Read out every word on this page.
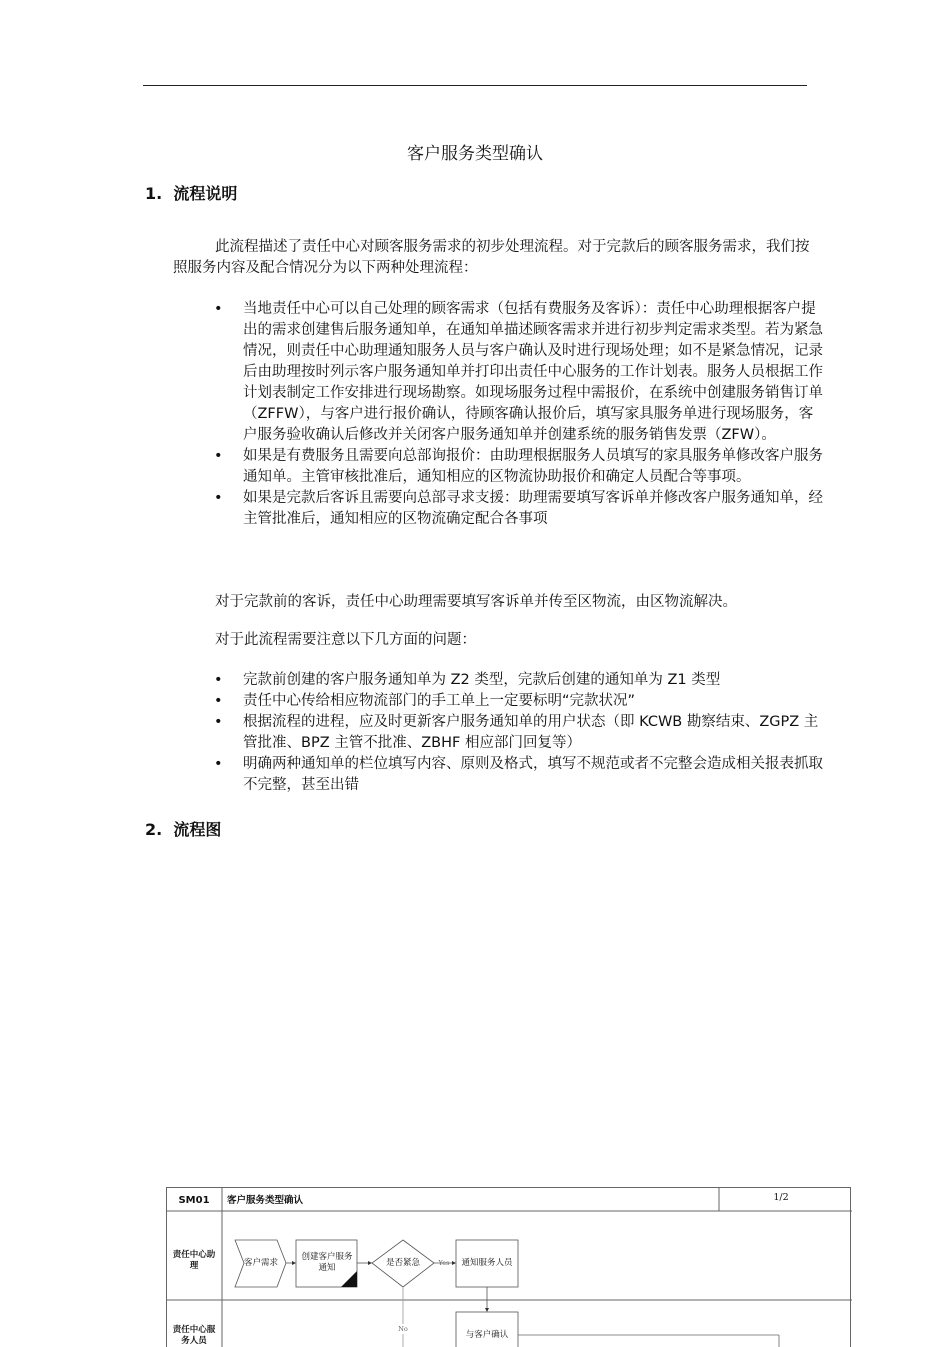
客户服务类型确认
1. 流程说明
此流程描述了责任中心对顾客服务需求的初步处理流程。对于完款后的顾客服务需求，我们按照服务内容及配合情况分为以下两种处理流程：
• 当地责任中心可以自己处理的顾客需求（包括有费服务及客诉）：责任中心助理根据客户提出的需求创建售后服务通知单，在通知单描述顾客需求并进行初步判定需求类型。若为紧急情况，则责任中心助理通知服务人员与客户确认及时进行现场处理；如不是紧急情况，记录后由助理按时列示客户服务通知单并打印出责任中心服务的工作计划表。服务人员根据工作计划表制定工作安排进行现场勘察。如现场服务过程中需报价，在系统中创建服务销售订单（ZFFW），与客户进行报价确认，待顾客确认报价后，填写家具服务单进行现场服务，客户服务验收确认后修改并关闭客户服务通知单并创建系统的服务销售发票（ZFW）。
• 如果是有费服务且需要向总部询报价：由助理根据服务人员填写的家具服务单修改客户服务通知单。主管审核批准后，通知相应的区物流协助报价和确定人员配合等事项。
• 如果是完款后客诉且需要向总部寻求支援：助理需要填写客诉单并修改客户服务通知单，经主管批准后，通知相应的区物流确定配合各事项
对于完款前的客诉，责任中心助理需要填写客诉单并传至区物流，由区物流解决。
对于此流程需要注意以下几方面的问题：
• 完款前创建的客户服务通知单为 Z2 类型，完款后创建的通知单为 Z1 类型
• 责任中心传给相应物流部门的手工单上一定要标明“完款状况”
• 根据流程的进程，应及时更新客户服务通知单的用户状态（即 KCWB 勘察结束、ZGPZ 主管批准、BPZ 主管不批准、ZBHF 相应部门回复等）
• 明确两种通知单的栏位填写内容、原则及格式，填写不规范或者不完整会造成相关报表抓取不完整，甚至出错
2. 流程图
SM01	客户服务类型确认	1/2
责任中心助理
责任中心服务人员
客户需求
创建客户服务通知	是否紧急	通知服务人员
与客户确认
Yes
No
